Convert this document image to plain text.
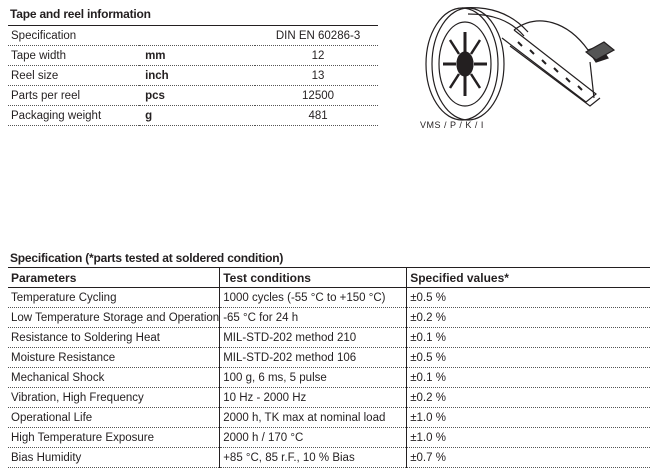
Tape and reel information
Specification		DIN EN 60286-3
Tape width	mm	12
Reel size	inch	13
Parts per reel	pcs	12500
Packaging weight	g	481
VMS / P / K / I
Specification (*parts tested at soldered condition)
Parameters	Test conditions	Specified values*
Temperature Cycling	1000 cycles (-55 °C to +150 °C)	±0.5 %
Low Temperature Storage and Operation	-65 °C for 24 h	±0.2 %
Resistance to Soldering Heat	MIL-STD-202 method 210	±0.1 %
Moisture Resistance	MIL-STD-202 method 106	±0.5 %
Mechanical Shock	100 g, 6 ms, 5 pulse	±0.1 %
Vibration, High Frequency	10 Hz - 2000 Hz	±0.2 %
Operational Life	2000 h, TK max at nominal load	±1.0 %
High Temperature Exposure	2000 h / 170 °C	±1.0 %
Bias Humidity	+85 °C, 85 r.F., 10 % Bias	±0.7 %
